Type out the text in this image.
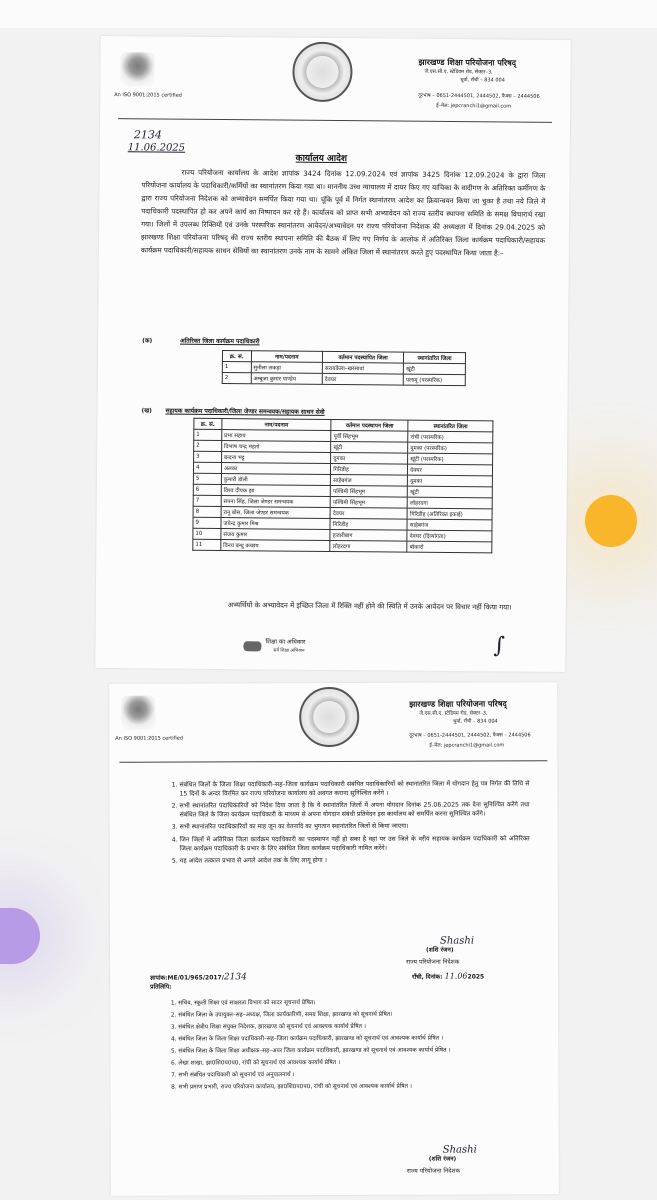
An ISO 9001:2015 certified
झारखण्ड शिक्षा परियोजना परिषद्
जे.एस.सी.ए. स्टेडियम रोड, सेक्टर–3,
धुर्वा, राँची – 834 004
दूरभाष – 0651-2444501, 2444502, फैक्स – 2444506
ई–मेल: jepcranchi1@gmail.com
2134
11.06.2025
कार्यालय आदेश
राज्य परियोजना कार्यालय के आदेश ज्ञापांक 3424 दिनांक 12.09.2024 एवं ज्ञापांक 3425 दिनांक 12.09.2024 के द्वारा जिला परियोजना कार्यालय के पदाधिकारी/कर्मियों का स्थानांतरण किया गया था। माननीय उच्च न्यायालय में दायर किए गए याचिका के वादीगण के अतिरिक्त कर्मीगण के द्वारा राज्य परियोजना निदेशक को अभ्यावेदन समर्पित किया गया था। चूंकि पूर्व में निर्गत स्थानांतरण आदेश का क्रियान्वयन किया जा चुका है तथा नये जिले में पदाधिकारी पदस्थापित हो कर अपने कार्य का निष्पादन कर रहे हैं। कार्यालय को प्राप्त सभी अभ्यावेदन को राज्य स्तरीय स्थापना समिति के समक्ष विचारार्थ रखा गया। जिलों में उपलब्ध रिक्तियों एवं उनके परस्परिक स्थानांतरण आवेदन/अभ्यावेदन पर राज्य परियोजना निदेशक की अध्यक्षता में दिनांक 29.04.2025 को झारखण्ड शिक्षा परियोजना परिषद् की राज्य स्तरीय स्थापना समिति की बैठक में लिए गए निर्णय के आलोक में अतिरिक्त जिला कार्यक्रम पदाधिकारी/सहायक कार्यक्रम पदाधिकारी/सहायक साधन सेवियों का स्थानांतरण उनके नाम के सामने अंकित जिला में स्थानांतरण करते हुए पदस्थापित किया जाता है:–
(क)	अतिरिक्त जिला कार्यक्रम पदाधिकारी
क्र. सं.	नाम/पदनाम	वर्तमान पदस्थापित जिला	स्थानांतरित जिला
1	सुनीला लकड़ा	सरायकेला–खरसावां	खूंटी
2	अम्बुजा कुमार पाण्डेय	देवघर	पलामू (परस्परिक)
(ख) सहायक कार्यक्रम पदाधिकारी/जिला जेण्डर समन्वयक/सहायक साधन सेवी
क्र. सं.	नाम/पदनाम	वर्तमान पदस्थापन जिला	स्थानांतरित जिला
1	प्रभा सहाय	पूर्वी सिंहभूम	रांची (परस्परिक)
2	विभाष चन्द्र महतो	खूंटी	दुमका (परस्परिक)
3	बन्दना भट्ट	दुमका	खूंटी (परस्परिक)
4	अलका	गिरिडीह	देवघर
5	कुमारी डॉली	साहेबगंज	दुमका
6	विश्व दीपक झा	पश्चिमी सिंहभूम	खूंटी
7	सपना सिंह, जिला जेण्डर समन्वयक	पश्चिमी सिंहभूम	लोहरदगा
8	रानू बोस, जिला जेण्डर समन्वयक	देवघर	गिरिडीह (अतिरिक्त इकाई)
9	जयेन्द्र कुमार मिश्र	गिरिडीह	साहेबगंज
10	संजय कुमार	हजारीबाग	देवघर (दिव्यांगता)
11	विनय बन्धु कच्छप	लोहरदगा	बोकारो
अभ्यर्थियों के अभ्यावेदन में इच्छित जिला में रिक्ति नहीं होने की स्थिति में उनके आवेदन पर विचार नहीं किया गया।
शिक्षा का अधिकार
सर्व शिक्षा अभियान	∫
An ISO 9001:2015 certified
झारखण्ड शिक्षा परियोजना परिषद्
जे.एस.सी.ए. स्टेडियम रोड, सेक्टर–3,
धुर्वा, राँची – 834 004
दूरभाष – 0651-2444501, 2444502, फैक्स – 2444506
ई–मेल: jepcranchi1@gmail.com
1. संबंधित जिलों के जिला शिक्षा पदाधिकारी–सह–जिला कार्यक्रम पदाधिकारी संबंधित पदाधिकारियों को स्थानांतरित जिला में योगदान हेतु पत्र निर्गत की तिथि से 15 दिनों के अन्दर विरमित कर राज्य परियोजना कार्यालय को अवगत कराना सुनिश्चित करेंगे ।
2. सभी स्थानांतरित पदाधिकारियों को निदेश दिया जाता है कि वे स्थानांतरित जिलों में अपना योगदान दिनांक 25.06.2025 तक देना सुनिश्चित करेंगे तथा संबंधित जिले के जिला कार्यक्रम पदाधिकारी के माध्यम से अपना योगदान संबंधी प्रतिवेदन इस कार्यालय को समर्पित करना सुनिश्चित करेंगे।
3. सभी स्थानांतरित पदाधिकारियों का माह जून का वेतनादि का भुगतान स्थानांतरित जिलों से किया जाएगा।
4. जिन जिलों में अतिरिक्त जिला कार्यक्रम पदाधिकारी का पदस्थापन नहीं हो सका है वहां पर उस जिले के वरीय सहायक कार्यक्रम पदाधिकारी को अतिरिक्त जिला कार्यक्रम पदाधिकारी के प्रभार के लिए संबंधित जिला कार्यक्रम पदाधिकारी नामित करेंगे।
5. यह आदेश तत्काल प्रभाव से अगले आदेश तक के लिए लागू होगा ।
Shashi
(शशि रंजन)
राज्य परियोजना निदेशक
ज्ञापांक:ME/01/965/2017/2134	राँची, दिनांक: 11.062025
प्रतिलिपि:
1. सचिव, स्कूली शिक्षा एवं साक्षरता विभाग को सादर सूचनार्थ प्रेषित।
2. संबंधित जिला के उपायुक्त–सह–अध्यक्ष, जिला कार्यकारिणी, समग्र शिक्षा, झारखण्ड को सूचनार्थ प्रेषित।
3. संबंधित क्षेत्रीय शिक्षा संयुक्त निदेशक, झारखण्ड को सूचनार्थ एवं आवश्यक कार्यार्थ प्रेषित ।
4. संबंधित जिला के जिला शिक्षा पदाधिकारी–सह–जिला कार्यक्रम पदाधिकारी, झारखण्ड को सूचनार्थ एवं आवश्यक कार्यार्थ प्रेषित ।
5. संबंधित जिला के जिला शिक्षा अधीक्षक–सह–अपर जिला कार्यक्रम पदाधिकारी, झारखण्ड को सूचनार्थ एवं आवश्यक कार्यार्थ प्रेषित ।
6. लेखा शाखा, झा0शि0प0प0, रांची को सूचनार्थ एवं आवश्यक कार्यार्थ प्रेषित ।
7. सभी संबंधित पदाधिकारी को सूचनार्थ एवं अनुपालनार्थ ।
8. सभी प्रमाण प्रभारी, राज्य परियोजना कार्यालय, झा0शि0प0प0, रांची को सूचनार्थ एवं आवश्यक कार्यार्थ प्रेषित ।
Shashi
(शशि रंजन)
राज्य परियोजना निदेशक
